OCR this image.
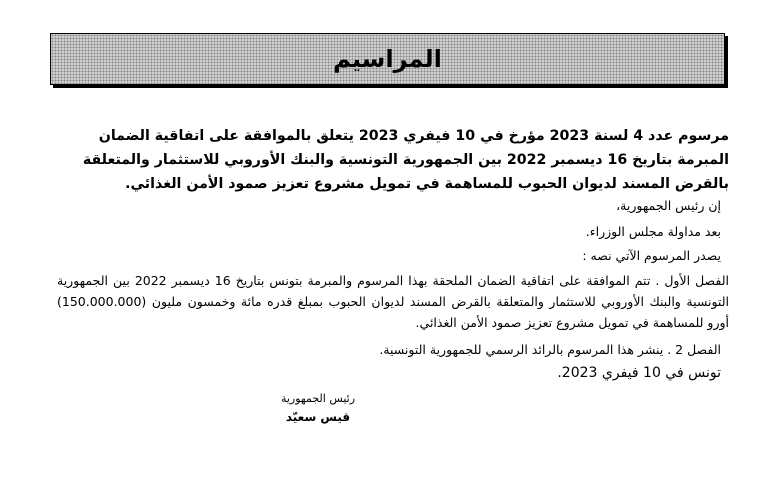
المراسيم

مرسوم عدد 4 لسنة 2023 مؤرخ في 10 فيفري 2023 يتعلق بالموافقة على اتفاقية الضمان المبرمة بتاريخ 16 ديسمبر 2022 بين الجمهورية التونسية والبنك الأوروبي للاستثمار والمتعلقة بالقرض المسند لديوان الحبوب للمساهمة في تمويل مشروع تعزيز صمود الأمن الغذائي.

إن رئيس الجمهورية،

بعد مداولة مجلس الوزراء.

يصدر المرسوم الآتي نصه :

الفصل الأول . تتم الموافقة على اتفاقية الضمان الملحقة بهذا المرسوم والمبرمة بتونس بتاريخ 16 ديسمبر 2022 بين الجمهورية التونسية والبنك الأوروبي للاستثمار والمتعلقة بالقرض المسند لديوان الحبوب بمبلغ قدره مائة وخمسون مليون (150.000.000) أورو للمساهمة في تمويل مشروع تعزيز صمود الأمن الغذائي.

الفصل 2 . ينشر هذا المرسوم بالرائد الرسمي للجمهورية التونسية.

تونس في 10 فيفري 2023.

رئيس الجمهورية
قيس سعيّد
